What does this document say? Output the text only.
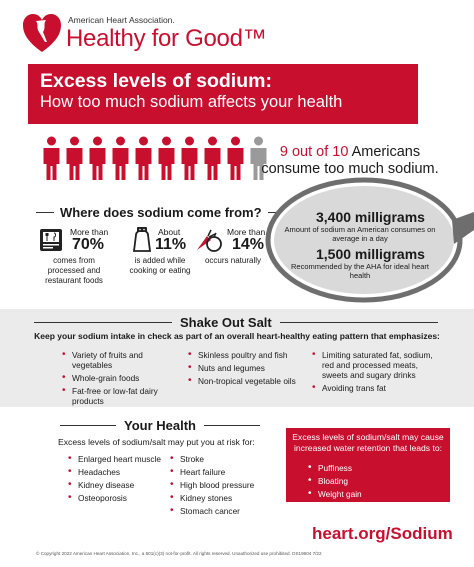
American Heart Association.
Healthy for Good™
Excess levels of sodium:
How too much sodium affects your health
9 out of 10 Americans
consume too much sodium.
Where does sodium come from?
More than
70%
comes from processed and restaurant foods
About
11%
is added while cooking or eating
More than
14%
occurs naturally
3,400 milligrams
Amount of sodium an American consumes on average in a day
1,500 milligrams
Recommended by the AHA for ideal heart health
Shake Out Salt
Keep your sodium intake in check as part of an overall heart-healthy eating pattern that emphasizes:
• Variety of fruits and vegetables
• Whole-grain foods
• Fat-free or low-fat dairy products
• Skinless poultry and fish
• Nuts and legumes
• Non-tropical vegetable oils
• Limiting saturated fat, sodium, red and processed meats, sweets and sugary drinks
• Avoiding trans fat
Your Health
Excess levels of sodium/salt may put you at risk for:
• Enlarged heart muscle
• Headaches
• Kidney disease
• Osteoporosis
• Stroke
• Heart failure
• High blood pressure
• Kidney stones
• Stomach cancer
Excess levels of sodium/salt may cause increased water retention that leads to:
• Puffiness
• Bloating
• Weight gain
heart.org/Sodium
© Copyright 2022 American Heart Association, Inc., a 501(c)(3) not-for-profit. All rights reserved. Unauthorized use prohibited. DS19604 7/22
